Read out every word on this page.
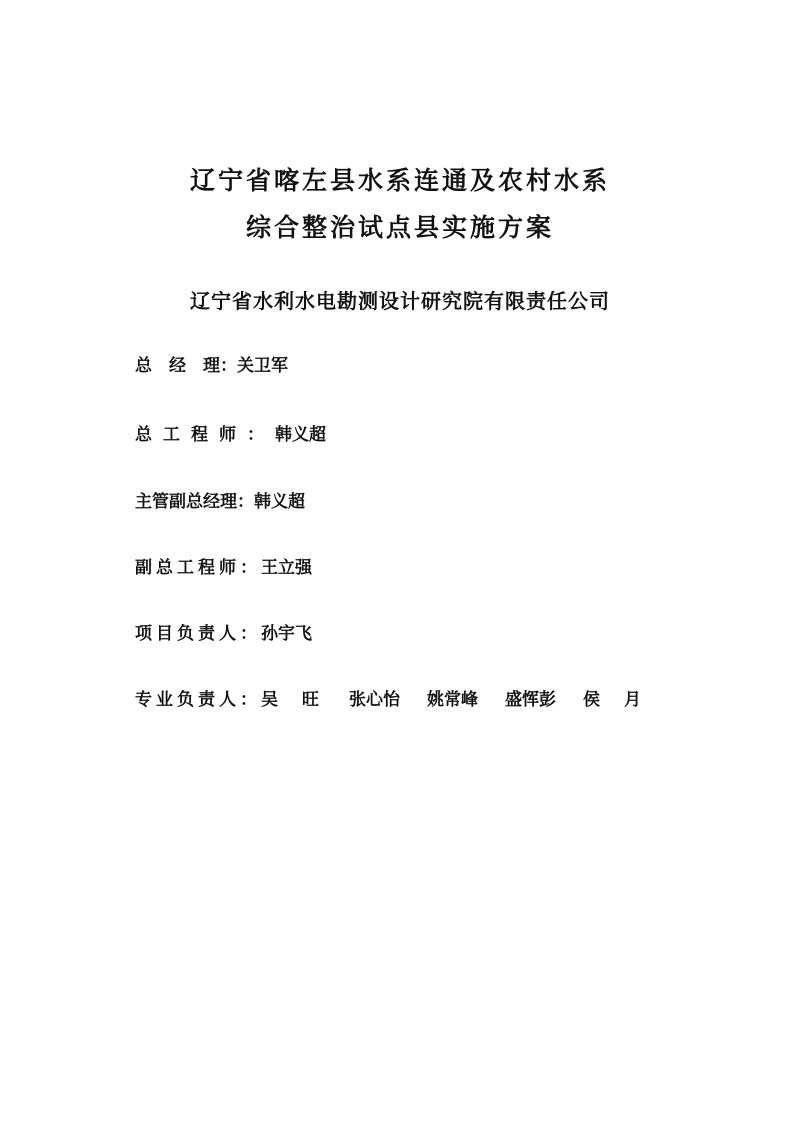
辽宁省喀左县水系连通及农村水系
综合整治试点县实施方案
辽宁省水利水电勘测设计研究院有限责任公司
总　经　理： 关卫军
总工程师： 韩义超
主管副总经理： 韩义超
副总工程师： 王立强
项目负责人： 孙宇飞
专业负责人： 吴旺 张心怡 姚常峰 盛恽彭 侯月
